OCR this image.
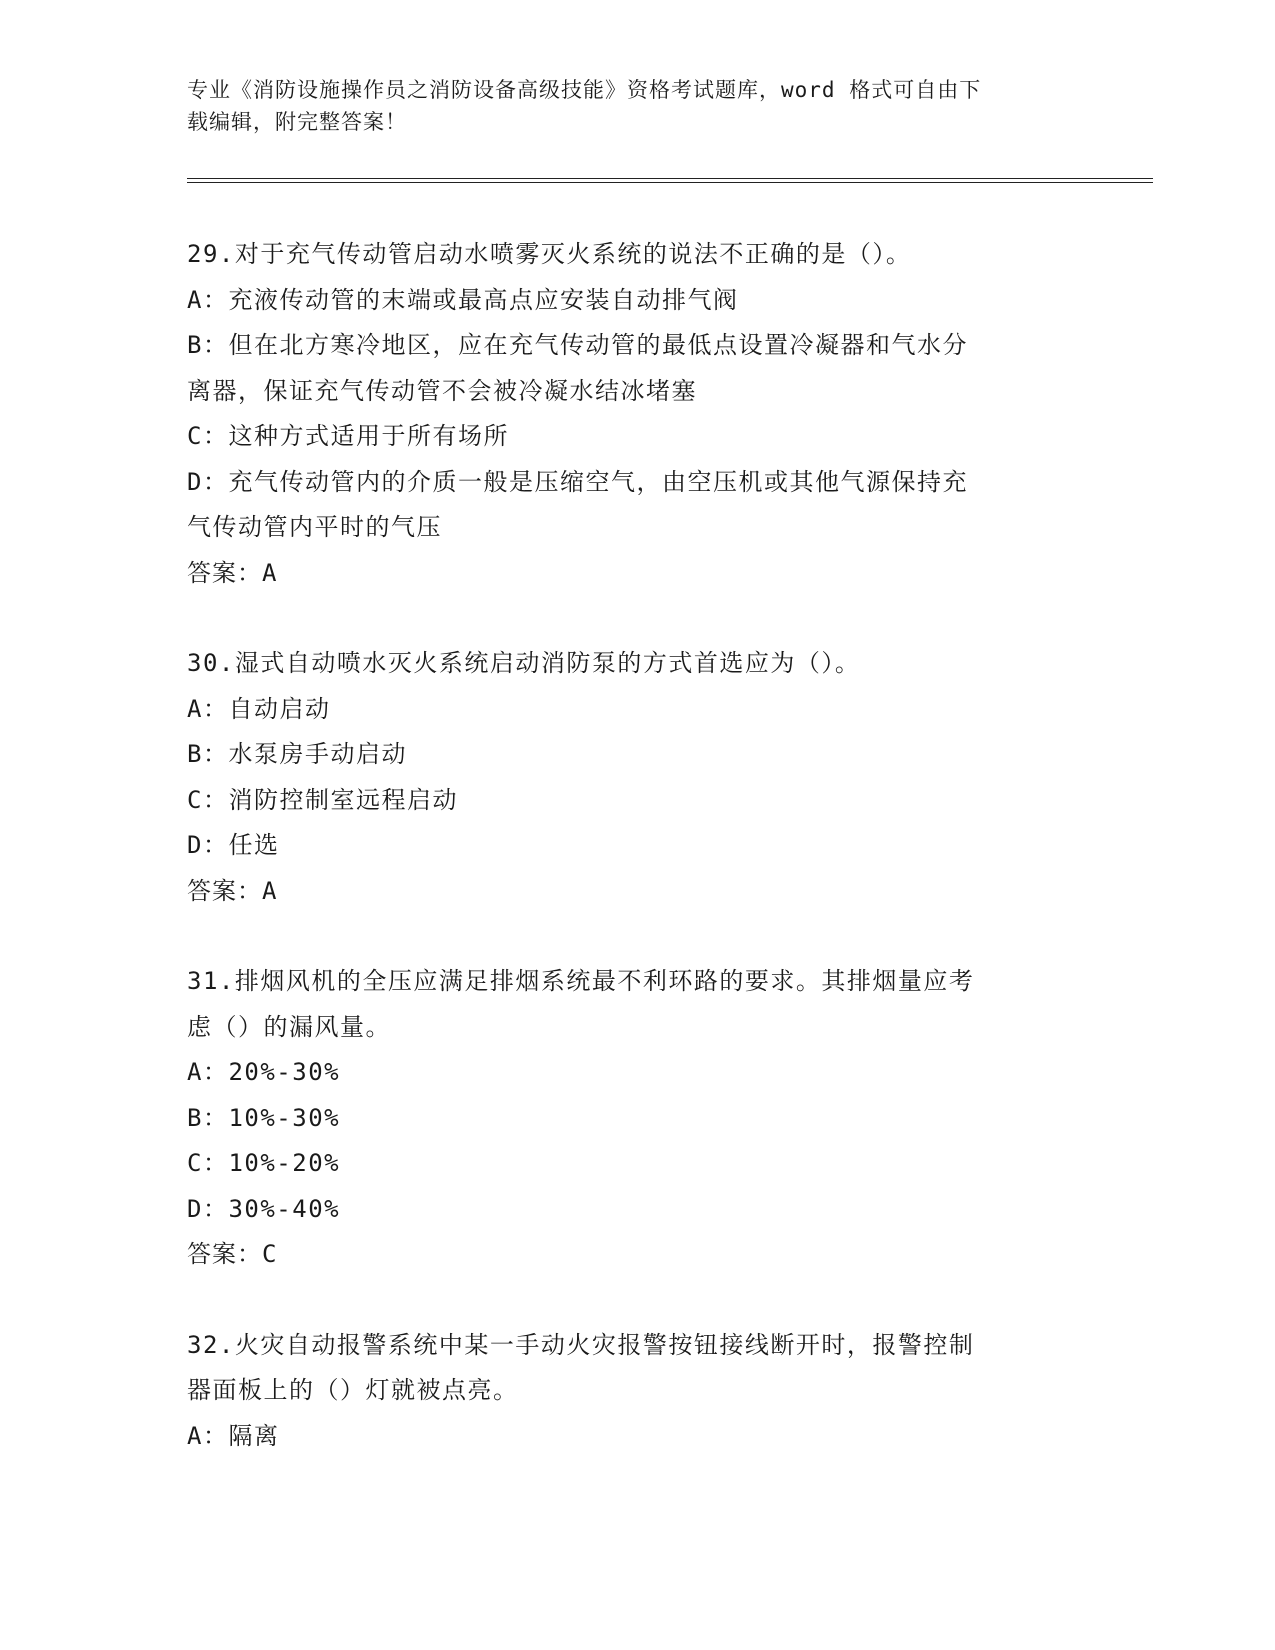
专业《消防设施操作员之消防设备高级技能》资格考试题库，word 格式可自由下
载编辑，附完整答案！

29.对于充气传动管启动水喷雾灭火系统的说法不正确的是（）。

A：充液传动管的末端或最高点应安装自动排气阀

B：但在北方寒冷地区，应在充气传动管的最低点设置冷凝器和气水分

离器，保证充气传动管不会被冷凝水结冰堵塞

C：这种方式适用于所有场所

D：充气传动管内的介质一般是压缩空气，由空压机或其他气源保持充

气传动管内平时的气压

答案：A

30.湿式自动喷水灭火系统启动消防泵的方式首选应为（）。

A：自动启动

B：水泵房手动启动

C：消防控制室远程启动

D：任选

答案：A

31.排烟风机的全压应满足排烟系统最不利环路的要求。其排烟量应考

虑（）的漏风量。

A：20%-30%

B：10%-30%

C：10%-20%

D：30%-40%

答案：C

32.火灾自动报警系统中某一手动火灾报警按钮接线断开时，报警控制

器面板上的（）灯就被点亮。

A：隔离
